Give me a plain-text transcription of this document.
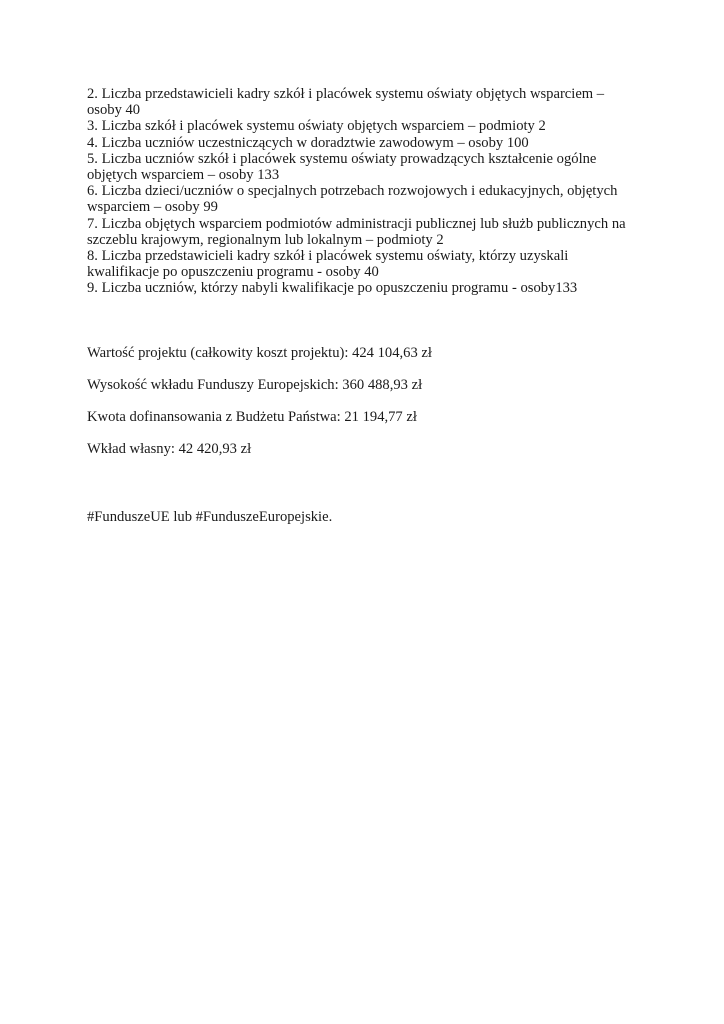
2. Liczba przedstawicieli kadry szkół i placówek systemu oświaty objętych wsparciem – osoby 40

3. Liczba szkół i placówek systemu oświaty objętych wsparciem – podmioty 2

4. Liczba uczniów uczestniczących w doradztwie zawodowym – osoby 100

5. Liczba uczniów szkół i placówek systemu oświaty prowadzących kształcenie ogólne objętych wsparciem – osoby 133

6. Liczba dzieci/uczniów o specjalnych potrzebach rozwojowych i edukacyjnych, objętych wsparciem – osoby 99

7. Liczba objętych wsparciem podmiotów administracji publicznej lub służb publicznych na szczeblu krajowym, regionalnym lub lokalnym – podmioty 2

8. Liczba przedstawicieli kadry szkół i placówek systemu oświaty, którzy uzyskali kwalifikacje po opuszczeniu programu - osoby 40

9. Liczba uczniów, którzy nabyli kwalifikacje po opuszczeniu programu - osoby133

Wartość projektu (całkowity koszt projektu): 424 104,63 zł

Wysokość wkładu Funduszy Europejskich: 360 488,93 zł

Kwota dofinansowania z Budżetu Państwa: 21 194,77 zł

Wkład własny: 42 420,93 zł

#FunduszeUE lub #FunduszeEuropejskie.
